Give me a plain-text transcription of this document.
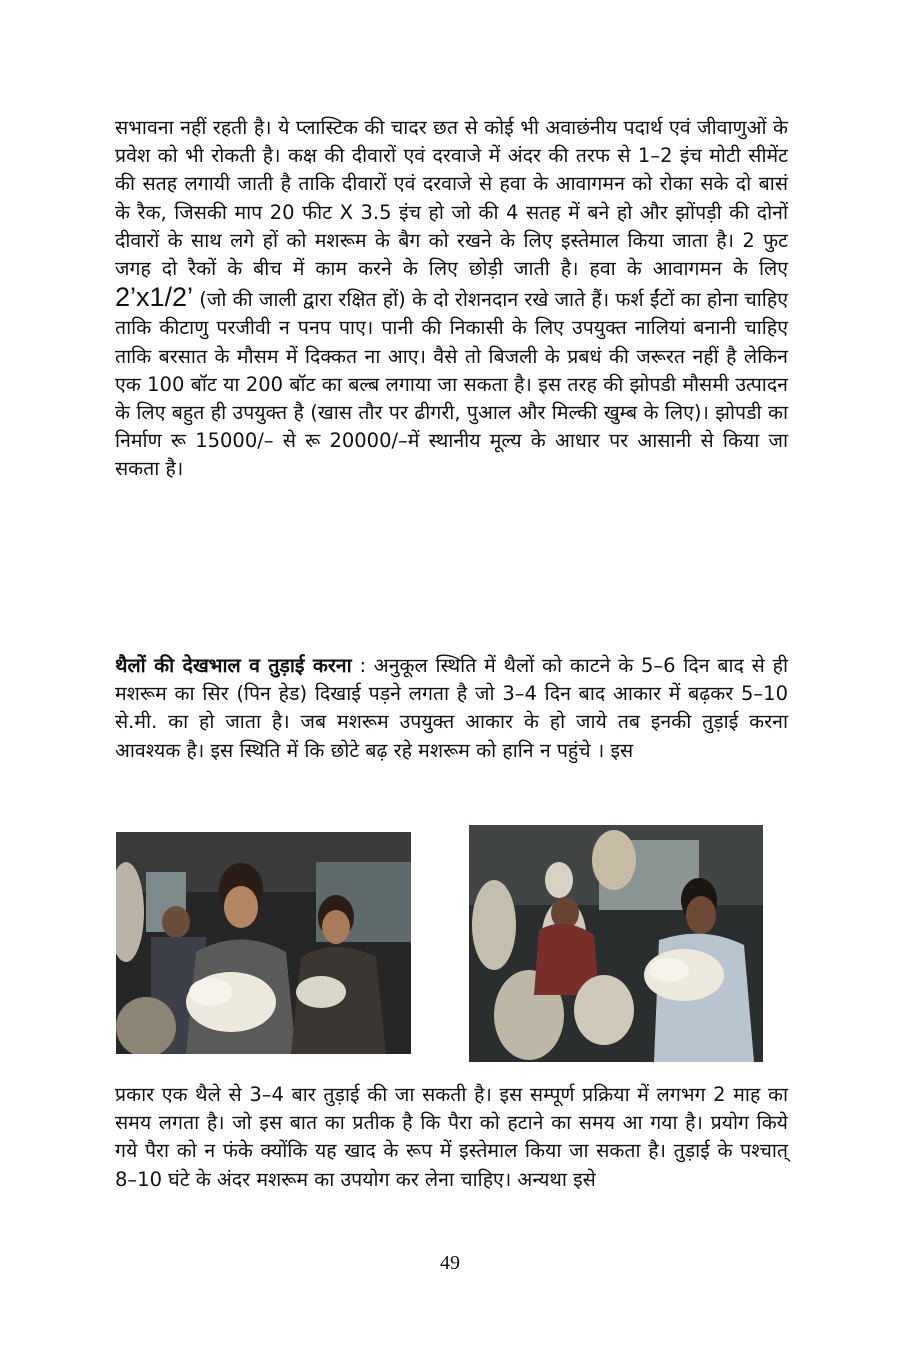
सभावना नहीं रहती है। ये प्लास्टिक की चादर छत से कोई भी अवाछंनीय पदार्थ एवं जीवाणुओं के प्रवेश को भी रोकती है। कक्ष की दीवारों एवं दरवाजे में अंदर की तरफ से 1–2 इंच मोटी सीमेंट की सतह लगायी जाती है ताकि दीवारों एवं दरवाजे से हवा के आवागमन को रोका सके दो बासं के रैक, जिसकी माप 20 फीट X 3.5 इंच हो जो की 4 सतह में बने हो और झोंपड़ी की दोनों दीवारों के साथ लगे हों को मशरूम के बैग को रखने के लिए इस्तेमाल किया जाता है। 2 फुट जगह दो रैकों के बीच में काम करने के लिए छोड़ी जाती है। हवा के आवागमन के लिए 2’x1/2’ (जो की जाली द्वारा रक्षित हों) के दो रोशनदान रखे जाते हैं। फर्श ईंटों का होना चाहिए ताकि कीटाणु परजीवी न पनप पाए। पानी की निकासी के लिए उपयुक्त नालियां बनानी चाहिए ताकि बरसात के मौसम में दिक्कत ना आए। वैसे तो बिजली के प्रबधं की जरूरत नहीं है लेकिन एक 100 बॉट या 200 बॉट का बल्ब लगाया जा सकता है। इस तरह की झोपडी मौसमी उत्पादन के लिए बहुत ही उपयुक्त है (खास तौर पर ढीगरी, पुआल और मिल्की खुम्ब के लिए)। झोपडी का निर्माण रू 15000/– से रू 20000/–में स्थानीय मूल्य के आधार पर आसानी से किया जा सकता है।

थैलों की देखभाल व तुड़ाई करना : अनुकूल स्थिति में थैलों को काटने के 5–6 दिन बाद से ही मशरूम का सिर (पिन हेड) दिखाई पड़ने लगता है जो 3–4 दिन बाद आकार में बढ़कर 5–10 से.मी. का हो जाता है। जब मशरूम उपयुक्त आकार के हो जाये तब इनकी तुड़ाई करना आवश्यक है। इस स्थिति में कि छोटे बढ़ रहे मशरूम को हानि न पहुंचे । इस

प्रकार एक थैले से 3–4 बार तुड़ाई की जा सकती है। इस सम्पूर्ण प्रक्रिया में लगभग 2 माह का समय लगता है। जो इस बात का प्रतीक है कि पैरा को हटाने का समय आ गया है। प्रयोग किये गये पैरा को न फंके क्योंकि यह खाद के रूप में इस्तेमाल किया जा सकता है। तुड़ाई के पश्चात् 8–10 घंटे के अंदर मशरूम का उपयोग कर लेना चाहिए। अन्यथा इसे

49
